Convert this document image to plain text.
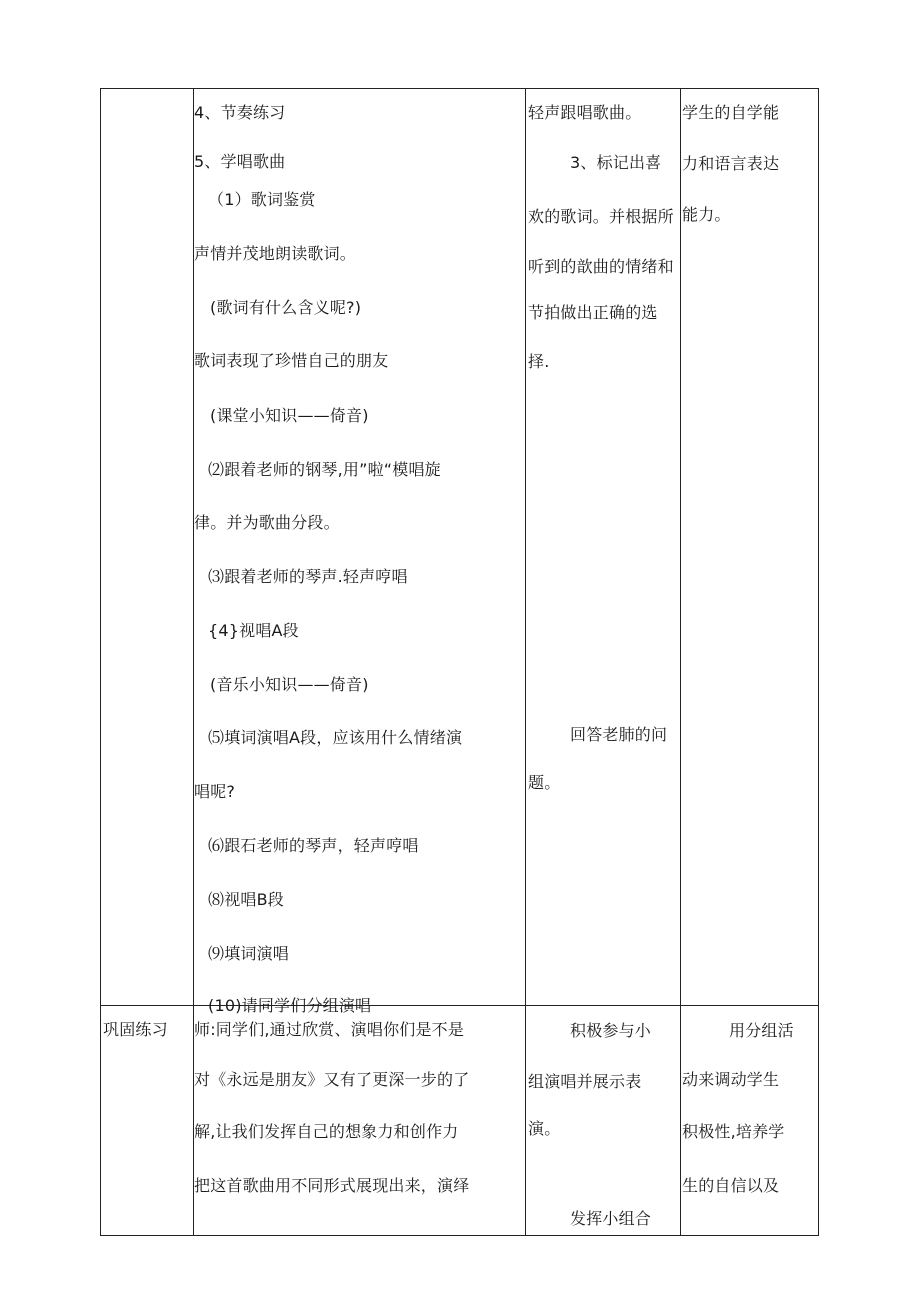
4、节奏练习
5、学唱歌曲
（1）歌词鉴赏
声情并茂地朗读歌词。
(歌词有什么含义呢?)
歌词表现了珍惜自己的朋友
(课堂小知识——倚音)
⑵跟着老师的钢琴,用”啦“模唱旋
律。并为歌曲分段。
⑶跟着老师的琴声.轻声哼唱
{4}视唱A段
(音乐小知识——倚音)
⑸填词演唱A段，应该用什么情绪演
唱呢?
⑹跟石老师的琴声，轻声哼唱
⑻视唱B段
⑼填词演唱
(10)请同学们分组演唱
轻声跟唱歌曲。
3、标记出喜
欢的歌词。并根据所
听到的歆曲的情绪和
节拍做出正确的选
择.
回答老肺的问
题。
学生的自学能
力和语言表达
能力。
巩固练习 师:同学们,通过欣赏、演唱你们是不是
对《永远是朋友》又有了更深一步的了
解,让我们发挥自己的想象力和创作力
把这首歌曲用不同形式展现出来，演绎
积极参与小
组演唱并展示表
演。
发挥小组合
用分组活
动来调动学生
积极性,培养学
生的自信以及
